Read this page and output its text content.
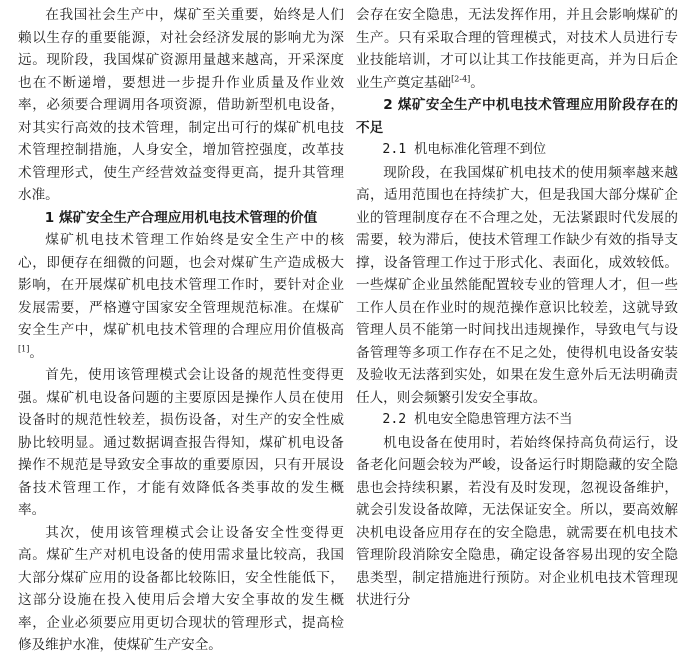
在我国社会生产中，煤矿至关重要，始终是人们赖以生存的重要能源，对社会经济发展的影响尤为深远。现阶段，我国煤矿资源用量越来越高，开采深度也在不断递增，要想进一步提升作业质量及作业效率，必须要合理调用各项资源，借助新型机电设备，对其实行高效的技术管理，制定出可行的煤矿机电技术管理控制措施，人身安全，增加管控强度，改革技术管理形式，使生产经营效益变得更高，提升其管理水准。

1 煤矿安全生产合理应用机电技术管理的价值

煤矿机电技术管理工作始终是安全生产中的核心，即便存在细微的问题，也会对煤矿生产造成极大影响，在开展煤矿机电技术管理工作时，要针对企业发展需要，严格遵守国家安全管理规范标准。在煤矿安全生产中，煤矿机电技术管理的合理应用价值极高[1]。

首先，使用该管理模式会让设备的规范性变得更强。煤矿机电设备问题的主要原因是操作人员在使用设备时的规范性较差，损伤设备，对生产的安全性威胁比较明显。通过数据调查报告得知，煤矿机电设备操作不规范是导致安全事故的重要原因，只有开展设备技术管理工作，才能有效降低各类事故的发生概率。

其次，使用该管理模式会让设备安全性变得更高。煤矿生产对机电设备的使用需求量比较高，我国大部分煤矿应用的设备都比较陈旧，安全性能低下，这部分设施在投入使用后会增大安全事故的发生概率，企业必须要应用更切合现状的管理形式，提高检修及维护水准，使煤矿生产安全。

会存在安全隐患，无法发挥作用，并且会影响煤矿的生产。只有采取合理的管理模式，对技术人员进行专业技能培训，才可以让其工作技能更高，并为日后企业生产奠定基础[2-4]。

2 煤矿安全生产中机电技术管理应用阶段存在的不足
2.1 机电标准化管理不到位

现阶段，在我国煤矿机电技术的使用频率越来越高，适用范围也在持续扩大，但是我国大部分煤矿企业的管理制度存在不合理之处，无法紧跟时代发展的需要，较为滞后，使技术管理工作缺少有效的指导支撑，设备管理工作过于形式化、表面化，成效较低。一些煤矿企业虽然能配置较专业的管理人才，但一些工作人员在作业时的规范操作意识比较差，这就导致管理人员不能第一时间找出违规操作，导致电气与设备管理等多项工作存在不足之处，使得机电设备安装及验收无法落到实处，如果在发生意外后无法明确责任人，则会频繁引发安全事故。

2.2 机电安全隐患管理方法不当

机电设备在使用时，若始终保持高负荷运行，设备老化问题会较为严峻，设备运行时期隐藏的安全隐患也会持续积累，若没有及时发现，忽视设备维护，就会引发设备故障，无法保证安全。所以，要高效解决机电设备应用存在的安全隐患，就需要在机电技术管理阶段消除安全隐患，确定设备容易出现的安全隐患类型，制定措施进行预防。对企业机电技术管理现状进行分
